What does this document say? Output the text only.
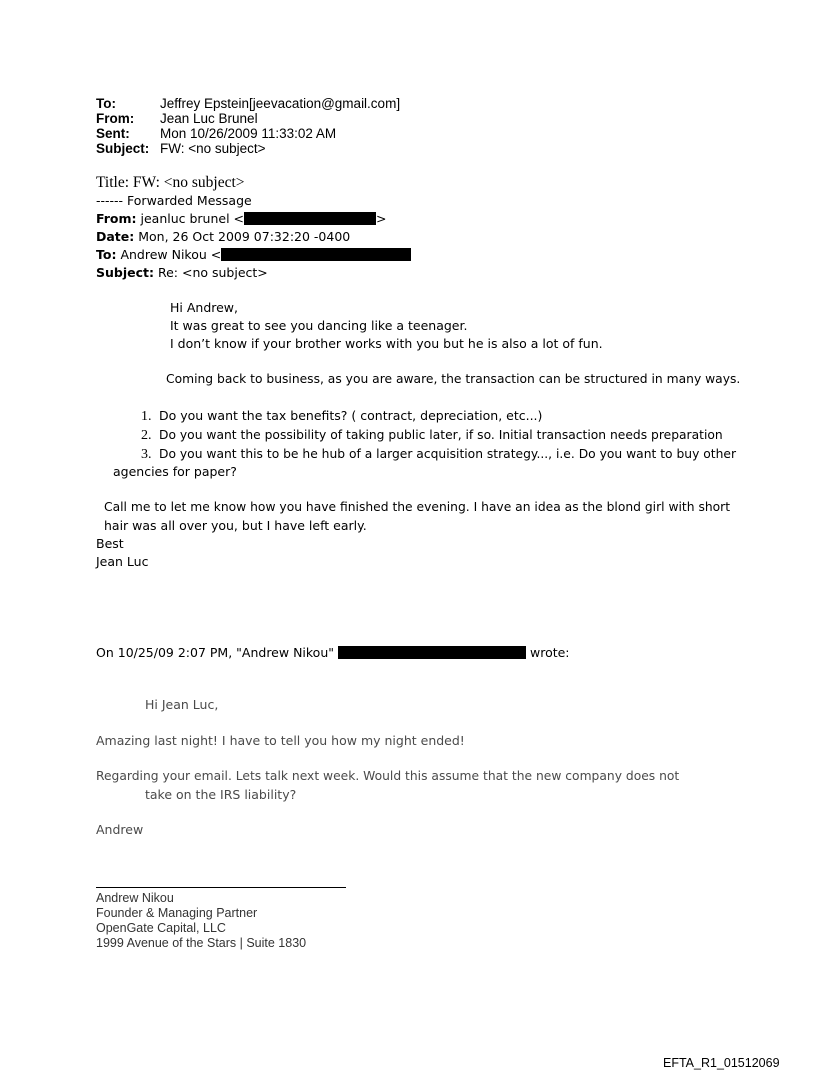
To:	Jeffrey Epstein[jeevacation@gmail.com]
From: Jean Luc Brunel
Sent: Mon 10/26/2009 11:33:02 AM
Subject: FW: <no subject>
Title: FW: <no subject>
------ Forwarded Message
From: jeanluc brunel <	>
Date: Mon, 26 Oct 2009 07:32:20 -0400
To: Andrew Nikou <
Subject: Re: <no subject>
Hi Andrew,
It was great to see you dancing like a teenager.
I don’t know if your brother works with you but he is also a lot of fun.
Coming back to business, as you are aware, the transaction can be structured in many ways.
1. Do you want the tax benefits? ( contract, depreciation, etc...)
2. Do you want the possibility of taking public later, if so. Initial transaction needs preparation
3. Do you want this to be he hub of a larger acquisition strategy..., i.e. Do you want to buy other
agencies for paper?
Call me to let me know how you have finished the evening. I have an idea as the blond girl with short
hair was all over you, but I have left early.
Best
Jean Luc
On 10/25/09 2:07 PM, "Andrew Nikou"	wrote:
Hi Jean Luc,
Amazing last night! I have to tell you how my night ended!
Regarding your email. Lets talk next week. Would this assume that the new company does not
take on the IRS liability?
Andrew
Andrew Nikou
Founder & Managing Partner
OpenGate Capital, LLC
1999 Avenue of the Stars | Suite 1830
EFTA_R1_01512069
